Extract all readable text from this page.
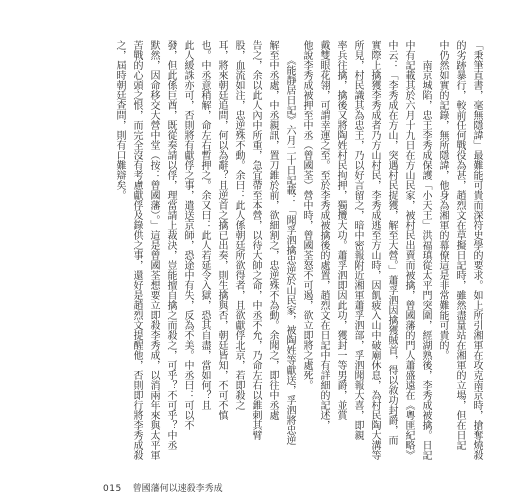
「秉筆直書，毫無隱諱」最難能可貴而深符史學的要求。如上所引湘軍在攻克南京時，搶奪燒殺
的劣跡暴行，較前任何戰役為甚，趙烈文在草擬日記時，雖然盡量站在湘軍的立場，但在日記
中仍然如實的記錄，無所隱諱，他身為湘軍的幕僚這是非常難能可貴的。
　　南京城陷，忠王李秀成保護「小天王」洪福瑱從太平門突圍，經湖熟後，李秀成被擒。日記
中有記載其於六月十九日在方山民家，被村民出賣而被擒，曾國藩的門人蕭盛遠在《粵匪紀略》
中云：「李秀成在方山，突遇村民捉獲，解至大營。」蕭孚泗因擒獲賊首，得以敘功封爵，而
實際上擒獲李秀成者乃方山村民，李秀成逃至方山時，因飢疲入山中破廟休息，為村民陶大溝等
所見，村民識其為忠王，乃以好言留之，暗中密報附近湘軍蕭孚泗部，孚泗聞報大喜，即親
率兵往擒，擒後又將陶姓村民拘押，獨攬大功。蕭孚泗即因此功，獲封一等男爵，並賞
戴雙眼花翎，可謂幸運之至。至於李秀成被擒後的處置，趙烈文在日記中有詳細的記述，
他說李秀成被押至中丞（曾國荃）營中時，曾國荃怒不可遏，欲立即將之處死。
　　《能靜居日記》六月二十日記載：「聞孚泗擒忠逆於山民家，被陶姓等獻送，孚泗將忠逆
解至中丞處，中丞親訊，置刀錐於前，欲細割之，忠逆殊不為動。余聞之，即往中丞處
告之，余以此人內中所重，急宜帶至本營，以待大帥之命，中丞不允，乃命左右以錐刺其臂
股，血流如注，忠逆殊不動。余曰：此人係朝廷所欲得者，且欲獻俘北京，若即殺之
耳，將來朝廷追問，何以為辭？且逆首之擒已出奏，則生擒與否，朝廷皆知，不可不慎
也。中丞意稍解，命左右暫押之。余又曰：此人若延令入獄，恐其自盡，當如何？且
此人緩誅亦可，否則將有獻俘之事，遣送京師，恐途中有失，反為不美。中丞曰：可以不
發，但此係巨酋，既從奏請以俘，理當請上裁決，豈能擅自擒之而殺之，可乎？不可乎？中丞
默然，因命移交大營中堂（按：曾國藩）。」這是曾國荃想要立即殺李秀成，以消兩年來與太平軍
苦戰的心頭之恨，而完全沒有考慮獻俘及錄供之事，還好是趙烈文提醒他，否則即行將李秀成殺
之，屆時朝廷查問，則有口難辯矣。
015 曾國藩何以速殺李秀成
